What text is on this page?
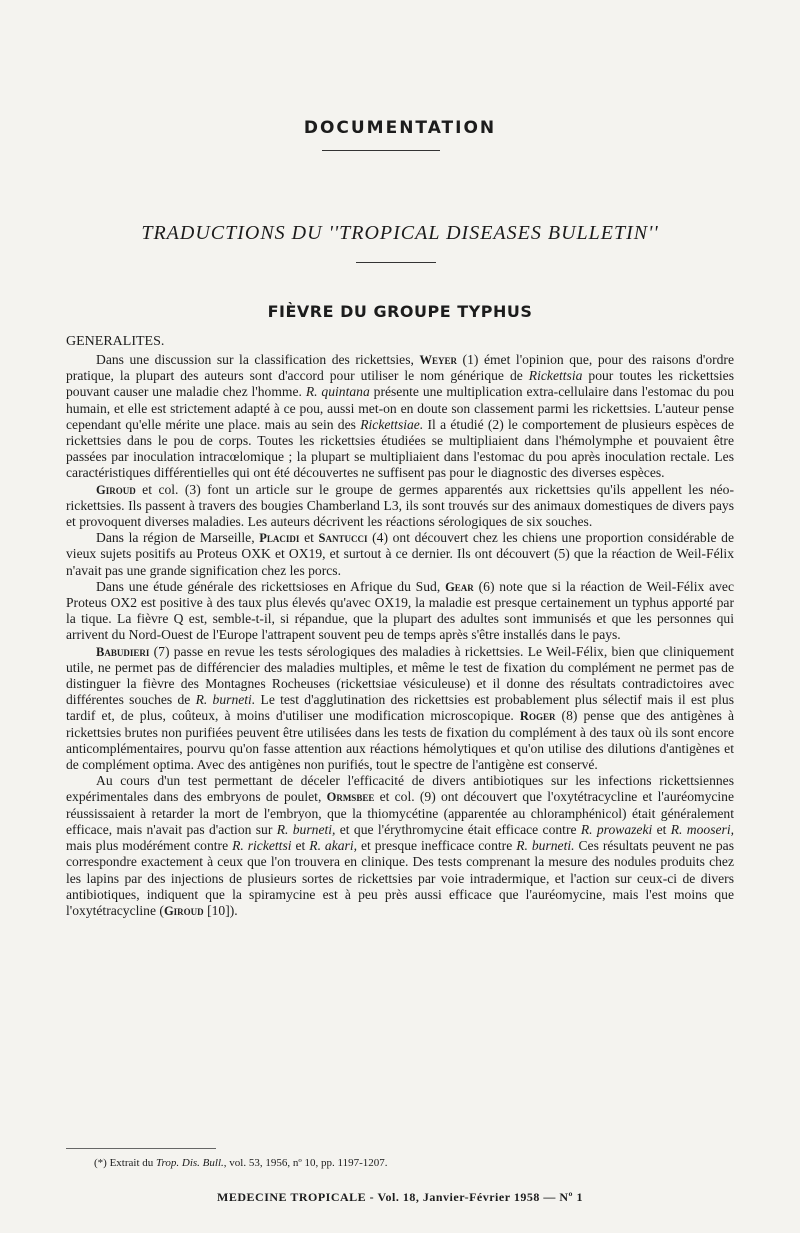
DOCUMENTATION
TRADUCTIONS DU ''TROPICAL DISEASES BULLETIN''
FIÈVRE DU GROUPE TYPHUS
GENERALITES.

Dans une discussion sur la classification des rickettsies, Weyer (1) émet l'opinion que, pour des raisons d'ordre pratique, la plupart des auteurs sont d'accord pour utiliser le nom générique de Rickettsia pour toutes les rickettsies pouvant causer une maladie chez l'homme. R. quintana présente une multiplication extra-cellulaire dans l'estomac du pou humain, et elle est strictement adapté à ce pou, aussi met-on en doute son classement parmi les rickettsies. L'auteur pense cependant qu'elle mérite une place. mais au sein des Rickettsiae. Il a étudié (2) le comportement de plusieurs espèces de rickettsies dans le pou de corps. Toutes les rickettsies étudiées se multipliaient dans l'hémolymphe et pouvaient être passées par inoculation intracœlomique ; la plupart se multipliaient dans l'estomac du pou après inoculation rectale. Les caractéristiques différentielles qui ont été découvertes ne suffisent pas pour le diagnostic des diverses espèces.

Giroud et col. (3) font un article sur le groupe de germes apparentés aux rickettsies qu'ils appellent les néo-rickettsies. Ils passent à travers des bougies Chamberland L3, ils sont trouvés sur des animaux domestiques de divers pays et provoquent diverses maladies. Les auteurs décrivent les réactions sérologiques de six souches.

Dans la région de Marseille, Placidi et Santucci (4) ont découvert chez les chiens une proportion considérable de vieux sujets positifs au Proteus OXK et OX19, et surtout à ce dernier. Ils ont découvert (5) que la réaction de Weil-Félix n'avait pas une grande signification chez les porcs.

Dans une étude générale des rickettsioses en Afrique du Sud, Gear (6) note que si la réaction de Weil-Félix avec Proteus OX2 est positive à des taux plus élevés qu'avec OX19, la maladie est presque certainement un typhus apporté par la tique. La fièvre Q est, semble-t-il, si répandue, que la plupart des adultes sont immunisés et que les personnes qui arrivent du Nord-Ouest de l'Europe l'attrapent souvent peu de temps après s'être installés dans le pays.

Babudieri (7) passe en revue les tests sérologiques des maladies à rickettsies. Le Weil-Félix, bien que cliniquement utile, ne permet pas de différencier des maladies multiples, et même le test de fixation du complément ne permet pas de distinguer la fièvre des Montagnes Rocheuses (rickettsiae vésiculeuse) et il donne des résultats contradictoires avec différentes souches de R. burneti. Le test d'agglutination des rickettsies est probablement plus sélectif mais il est plus tardif et, de plus, coûteux, à moins d'utiliser une modification microscopique. Roger (8) pense que des antigènes à rickettsies brutes non purifiées peuvent être utilisées dans les tests de fixation du complément à des taux où ils sont encore anticomplémentaires, pourvu qu'on fasse attention aux réactions hémolytiques et qu'on utilise des dilutions d'antigènes et de complément optima. Avec des antigènes non purifiés, tout le spectre de l'antigène est conservé.

Au cours d'un test permettant de déceler l'efficacité de divers antibiotiques sur les infections rickettsiennes expérimentales dans des embryons de poulet, Ormsbee et col. (9) ont découvert que l'oxytétracycline et l'auréomycine réussissaient à retarder la mort de l'embryon, que la thiomycétine (apparentée au chloramphénicol) était généralement efficace, mais n'avait pas d'action sur R. burneti, et que l'érythromycine était efficace contre R. prowazeki et R. mooseri, mais plus modérément contre R. rickettsi et R. akari, et presque inefficace contre R. burneti. Ces résultats peuvent ne pas correspondre exactement à ceux que l'on trouvera en clinique. Des tests comprenant la mesure des nodules produits chez les lapins par des injections de plusieurs sortes de rickettsies par voie intradermique, et l'action sur ceux-ci de divers antibiotiques, indiquent que la spiramycine est à peu près aussi efficace que l'auréomycine, mais l'est moins que l'oxytétracycline (Giroud [10]).

(*) Extrait du Trop. Dis. Bull., vol. 53, 1956, nº 10, pp. 1197-1207.
MEDECINE TROPICALE - Vol. 18, Janvier-Février 1958 — Nº 1
